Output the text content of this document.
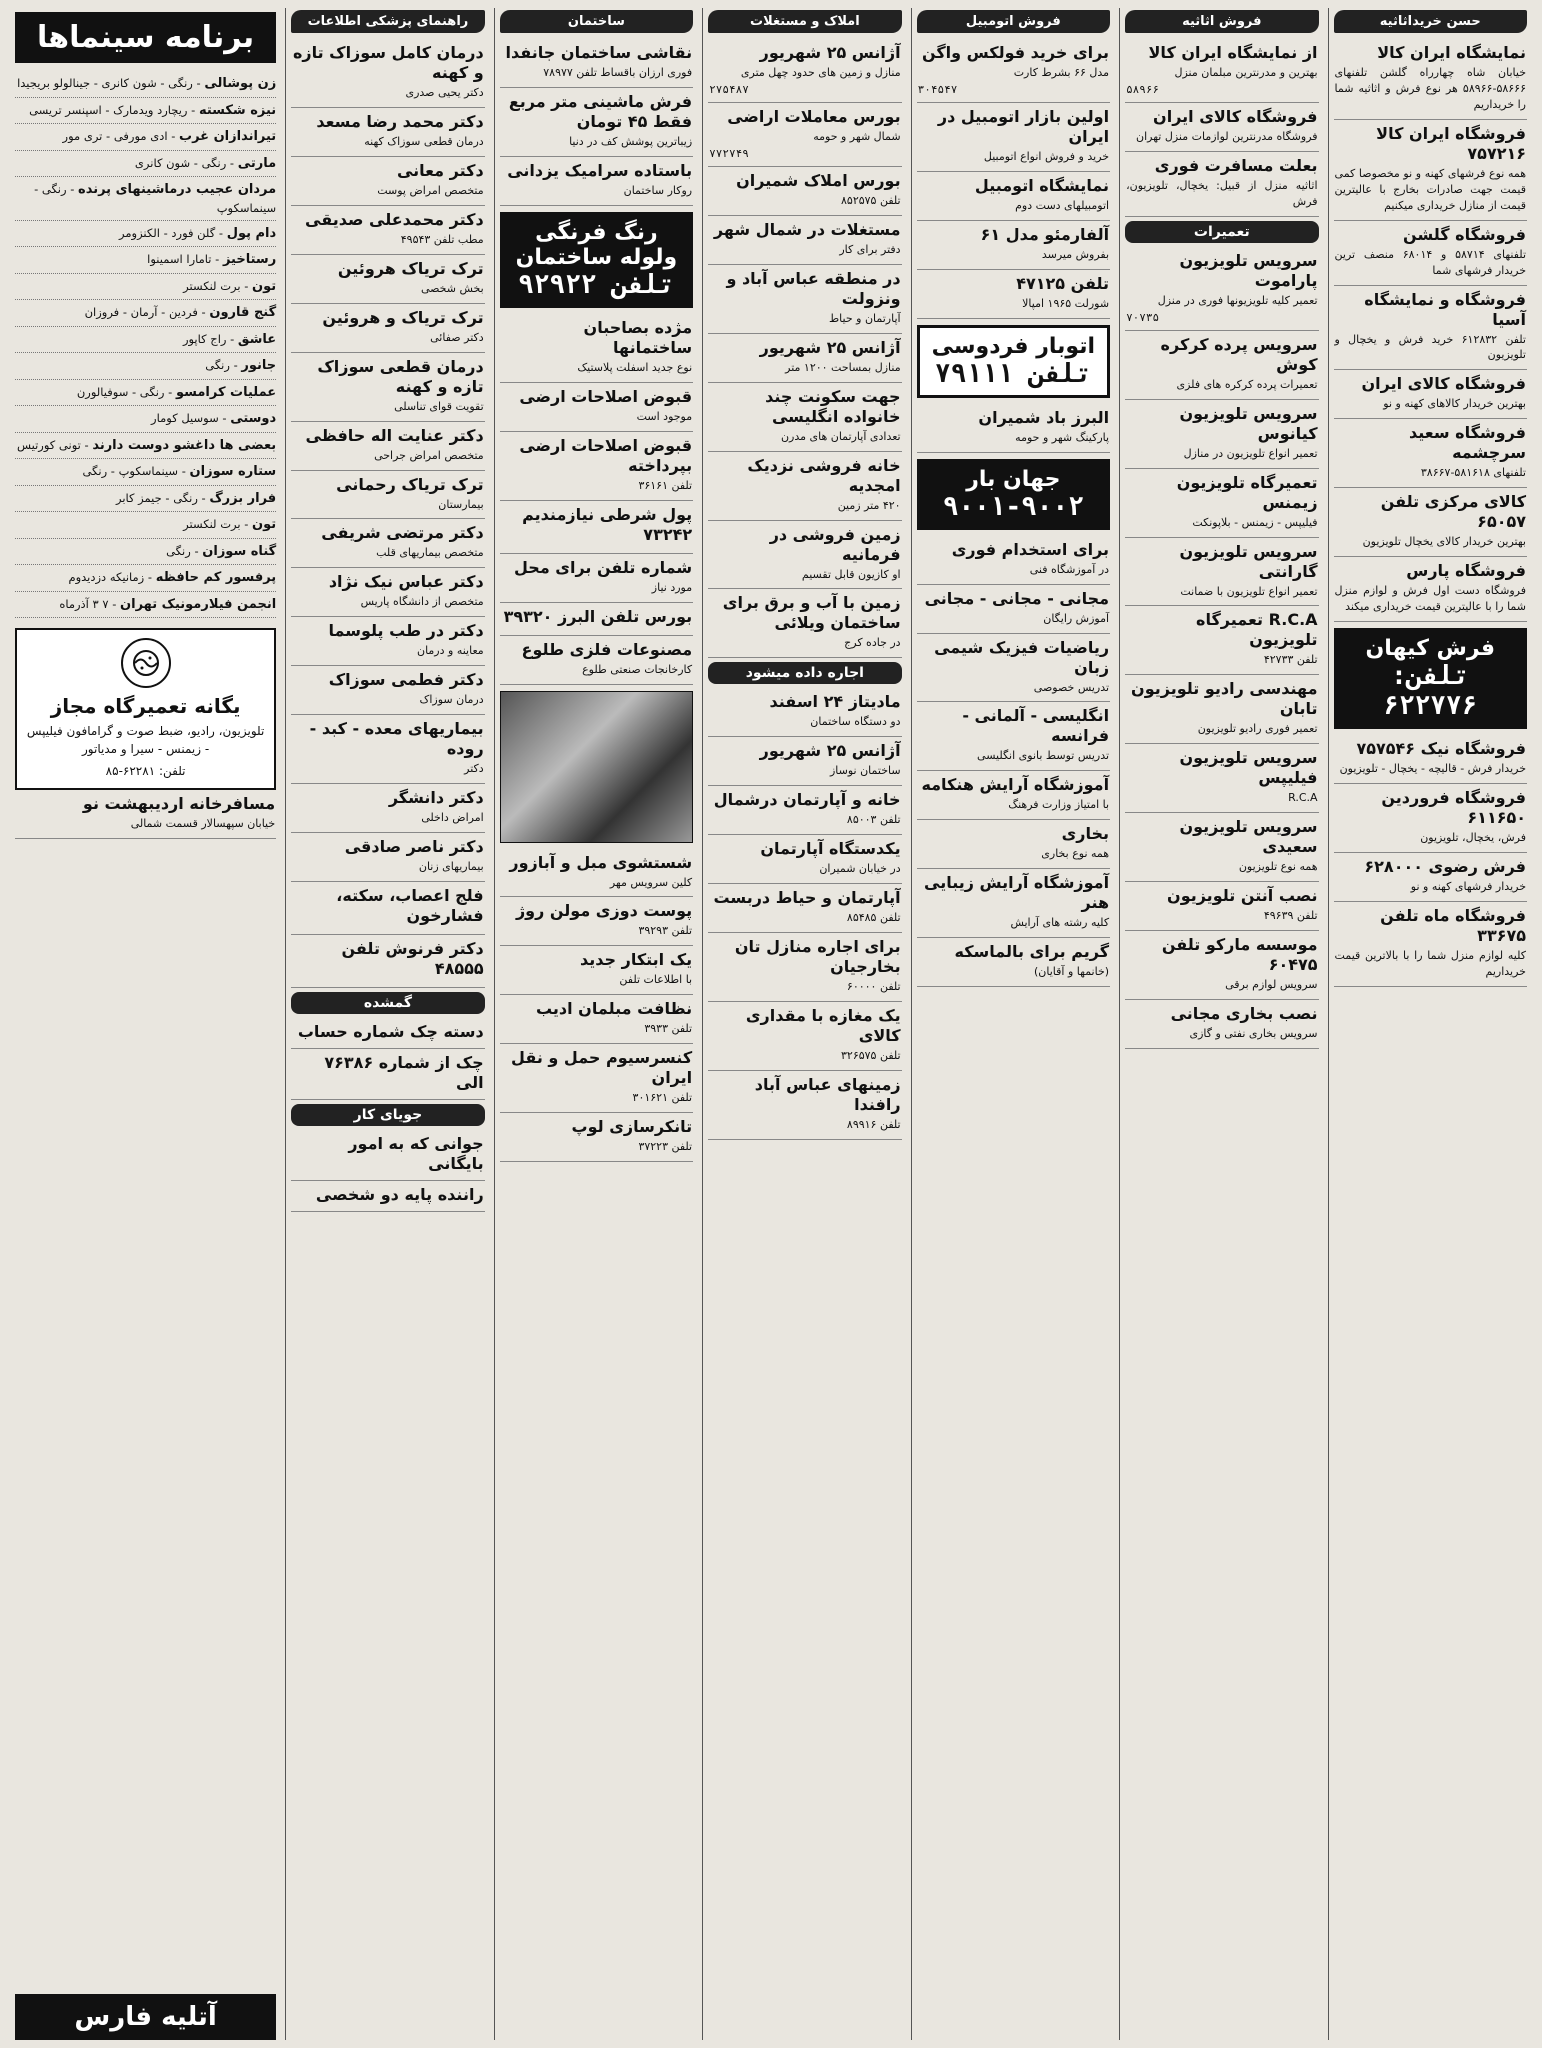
حسن خریداثاثیه
نمایشگاه ایران کالا
خیابان شاه چهارراه گلشن تلفنهای ۵۸۶۶۶-۵۸۹۶۶ هر نوع فرش و اثاثیه شما را خریداریم
فروشگاه ایران کالا ۷۵۷۲۱۶
همه نوع فرشهای کهنه و نو مخصوصا کمی قیمت جهت صادرات بخارج با عالیترین قیمت از منازل خریداری میکنیم
فروشگاه گلشن
تلفنهای ۵۸۷۱۴ و ۶۸۰۱۴ منصف ترین خریدار فرشهای شما
فروشگاه و نمایشگاه آسیا
تلفن ۶۱۲۸۳۲ خرید فرش و یخچال و تلویزیون
فروشگاه کالای ایران
بهترین خریدار کالاهای کهنه و نو
فروشگاه سعید سرچشمه
تلفنهای ۵۸۱۶۱۸-۳۸۶۶۷
کالای مرکزی تلفن ۶۵۰۵۷
بهترین خریدار کالای یخچال تلویزیون
فروشگاه پارس
فروشگاه دست اول فرش و لوازم منزل شما را با عالیترین قیمت خریداری میکند
فرش کیهان
تلفن: ۶۲۲۷۷۶
فروشگاه نیک ۷۵۷۵۴۶
خریدار فرش - قالیچه - یخچال - تلویزیون
فروشگاه فروردین ۶۱۱۶۵۰
فرش، یخچال، تلویزیون
فرش رضوی ۶۲۸۰۰۰
خریدار فرشهای کهنه و نو
فروشگاه ماه تلفن ۳۳۶۷۵
کلیه لوازم منزل شما را با بالاترین قیمت خریداریم
فروش اثاثیه
از نمایشگاه ایران کالا
بهترین و مدرنترین مبلمان منزل
۵۸۹۶۶
فروشگاه کالای ایران
فروشگاه مدرنترین لوازمات منزل تهران
بعلت مسافرت فوری
اثاثیه منزل از قبیل: یخچال، تلویزیون، فرش
تعمیرات
سرویس تلویزیون پاراموت
تعمیر کلیه تلویزیونها فوری در منزل
۷۰۷۳۵
سرویس پرده کرکره کوش
تعمیرات پرده کرکره های فلزی
سرویس تلویزیون کیانوس
تعمیر انواع تلویزیون در منازل
تعمیرگاه تلویزیون زیمنس
فیلیپس - زیمنس - بلاپونکت
سرویس تلویزیون گارانتی
تعمیر انواع تلویزیون با ضمانت
R.C.A تعمیرگاه تلویزیون
تلفن ۴۲۷۳۳
مهندسی رادیو تلویزیون تابان
تعمیر فوری رادیو تلویزیون
سرویس تلویزیون فیلیپس
R.C.A
سرویس تلویزیون سعیدی
همه نوع تلویزیون
نصب آنتن تلویزیون
تلفن ۴۹۶۳۹
موسسه مارکو تلفن ۶۰۴۷۵
سرویس لوازم برقی
نصب بخاری مجانی
سرویس بخاری نفتی و گازی
فروش اتومبیل
برای خرید فولکس واگن
مدل ۶۶ بشرط کارت
۳۰۴۵۴۷
اولین بازار اتومبیل در ایران
خرید و فروش انواع اتومبیل
نمایشگاه اتومبیل
اتومبیلهای دست دوم
آلفارمئو مدل ۶۱
بفروش میرسد
تلفن ۴۷۱۲۵
شورلت ۱۹۶۵ امپالا
اتوبار فردوسی
تلفن ۷۹۱۱۱
البرز باد شمیران
پارکینگ شهر و حومه
جهان بار
۹۰۰۱-۹۰۰۲
برای استخدام فوری
در آموزشگاه فنی
مجانی - مجانی - مجانی
آموزش رایگان
ریاضیات فیزیک شیمی زبان
تدریس خصوصی
انگلیسی - آلمانی - فرانسه
تدریس توسط بانوی انگلیسی
آموزشگاه آرایش هنکامه
با امتیاز وزارت فرهنگ
بخاری
همه نوع بخاری
آموزشگاه آرایش زیبایی هنر
کلیه رشته های آرایش
گریم برای بالماسکه
(خانمها و آقایان)
املاک و مستغلات
آژانس ۲۵ شهریور
منازل و زمین های حدود چهل متری
۲۷۵۴۸۷
بورس معاملات اراضی
شمال شهر و حومه
۷۷۲۷۴۹
بورس املاک شمیران
تلفن ۸۵۲۵۷۵
مستغلات در شمال شهر
دفتر برای کار
در منطقه عباس آباد و ونزولت
آپارتمان و حیاط
آژانس ۲۵ شهریور
منازل بمساحت ۱۲۰۰ متر
جهت سکونت چند خانواده انگلیسی
تعدادی آپارتمان های مدرن
خانه فروشی نزدیک امجدیه
۴۲۰ متر زمین
زمین فروشی در فرمانیه
او کازیون قابل تقسیم
زمین با آب و برق برای ساختمان ویلائی
در جاده کرج
اجاره داده میشود
مادیتاز ۲۴ اسفند
دو دستگاه ساختمان
آژانس ۲۵ شهریور
ساختمان نوساز
خانه و آپارتمان درشمال
تلفن ۸۵۰۰۳
یکدستگاه آپارتمان
در خیابان شمیران
آپارتمان و حیاط دربست
تلفن ۸۵۴۸۵
برای اجاره منازل تان بخارجیان
تلفن ۶۰۰۰۰
یک مغازه با مقداری کالای
تلفن ۳۲۶۵۷۵
زمینهای عباس آباد رافندا
تلفن ۸۹۹۱۶
ساختمان
نقاشی ساختمان جانفدا
فوری ارزان باقساط تلفن ۷۸۹۷۷
فرش ماشینی متر مربع فقط ۴۵ تومان
زیباترین پوشش کف در دنیا
باستاده سرامیک یزدانی
روکار ساختمان
رنگ فرنگی ولوله ساختمان
تلفن ۹۲۹۲۲
مژده بصاحبان ساختمانها
نوع جدید اسفلت پلاستیک
قبوض اصلاحات ارضی
موجود است
قبوض اصلاحات ارضی بپرداخته
تلفن ۳۶۱۶۱
پول شرطی نیازمندیم ۷۳۲۴۲
شماره تلفن برای محل
مورد نیاز
بورس تلفن البرز ۳۹۳۲۰
مصنوعات فلزی طلوع
کارخانجات صنعتی طلوع
شستشوی مبل و آبازور
کلین سرویس مهر
پوست دوزی مولن روژ
تلفن ۳۹۲۹۳
یک ابتکار جدید
با اطلاعات تلفن
نظافت مبلمان ادیب
تلفن ۳۹۳۳
کنسرسیوم حمل و نقل ایران
تلفن ۳۰۱۶۲۱
تانکرسازی لوپ
تلفن ۳۷۲۲۳
راهنمای پزشکی اطلاعات
درمان کامل سوزاک تازه و کهنه
دکتر یحیی صدری
دکتر محمد رضا مسعد
درمان قطعی سوزاک کهنه
دکتر معانی
متخصص امراض پوست
دکتر محمدعلی صدیقی
مطب تلفن ۴۹۵۴۳
ترک تریاک هروئین
بخش شخصی
ترک تریاک و هروئین
دکتر صفائی
درمان قطعی سوزاک تازه و کهنه
تقویت قوای تناسلی
دکتر عنایت اله حافظی
متخصص امراض جراحی
ترک تریاک رحمانی
بیمارستان
دکتر مرتضی شریفی
متخصص بیماریهای قلب
دکتر عباس نیک نژاد
متخصص از دانشگاه پاریس
دکتر در طب پلوسما
معاینه و درمان
دکتر فطمی سوزاک
درمان سوزاک
بیماریهای معده - کبد - روده
دکتر
دکتر دانشگر
امراض داخلی
دکتر ناصر صادقی
بیماریهای زنان
فلج اعصاب، سکته، فشارخون
دکتر فرنوش تلفن ۴۸۵۵۵
گمشده
دسته چک شماره حساب
چک از شماره ۷۶۳۸۶ الی
جویای کار
جوانی که به امور بایگانی
راننده پایه دو شخصی
برنامه سینماها
زن پوشالی - رنگی - شون کانری - جینالولو بریجیدا
نیزه شکسته - ریچارد ویدمارک - اسپنسر تریسی
تیراندازان غرب - ادی مورفی - تری مور
مارتی - رنگی - شون کانری
مردان عجیب درماشینهای پرنده - رنگی - سینماسکوپ
دام پول - گلن فورد - الکنزومر
رستاخیز - تامارا اسمینوا
تون - برت لنکستر
گنج قارون - فردین - آرمان - فروزان
عاشق - راج کاپور
جانور - رنگی
عملیات کرامسو - رنگی - سوفیالورن
دوستی - سوسیل کومار
بعضی ها داغشو دوست دارند - تونی کورتیس
ستاره سوزان - سینماسکوپ - رنگی
فرار بزرگ - رنگی - جیمز کابر
تون - برت لنکستر
گناه سوزان - رنگی
پرفسور کم حافظه - زمانیکه دزدیدوم
انجمن فیلارمونیک تهران - ۷ ۳ آذرماه
یگانه تعمیرگاه مجاز
تلویزیون، رادیو، ضبط صوت و گرامافون فیلیپس - زیمنس - سیرا و مدیاتور
تلفن: ۶۲۲۸۱-۸۵
مسافرخانه اردیبهشت نو
خیابان سپهسالار قسمت شمالی
آتلیه فارس
